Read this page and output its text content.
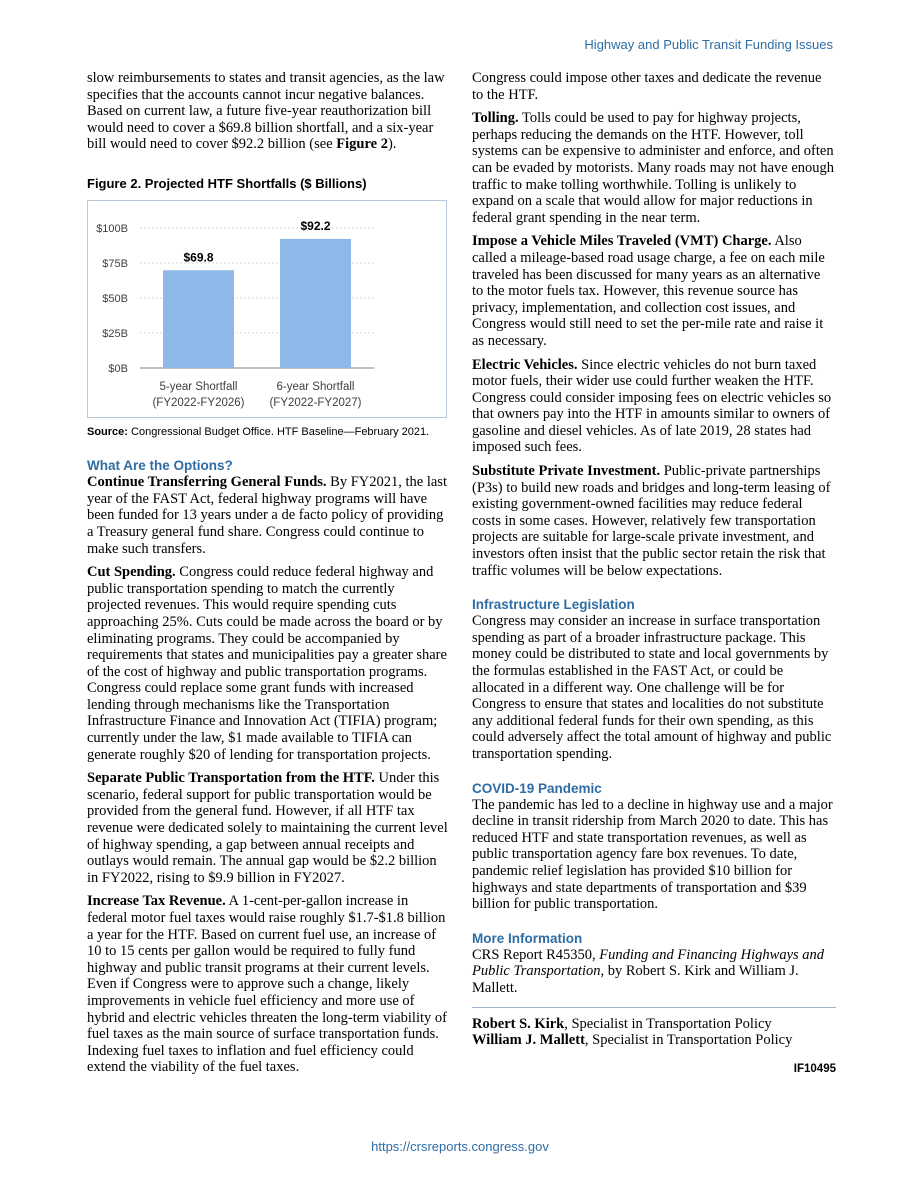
Highway and Public Transit Funding Issues

slow reimbursements to states and transit agencies, as the law specifies that the accounts cannot incur negative balances. Based on current law, a future five-year reauthorization bill would need to cover a $69.8 billion shortfall, and a six-year bill would need to cover $92.2 billion (see Figure 2).

Figure 2. Projected HTF Shortfalls ($ Billions)
$0B
$25B
$50B
$75B
$100B
$69.8
5-year Shortfall
(FY2022-FY2026)
$92.2
6-year Shortfall
(FY2022-FY2027)
Source: Congressional Budget Office. HTF Baseline—February 2021.
What Are the Options?

Continue Transferring General Funds. By FY2021, the last year of the FAST Act, federal highway programs will have been funded for 13 years under a de facto policy of providing a Treasury general fund share. Congress could continue to make such transfers.

Cut Spending. Congress could reduce federal highway and public transportation spending to match the currently projected revenues. This would require spending cuts approaching 25%. Cuts could be made across the board or by eliminating programs. They could be accompanied by requirements that states and municipalities pay a greater share of the cost of highway and public transportation programs. Congress could replace some grant funds with increased lending through mechanisms like the Transportation Infrastructure Finance and Innovation Act (TIFIA) program; currently under the law, $1 made available to TIFIA can generate roughly $20 of lending for transportation projects.

Separate Public Transportation from the HTF. Under this scenario, federal support for public transportation would be provided from the general fund. However, if all HTF tax revenue were dedicated solely to maintaining the current level of highway spending, a gap between annual receipts and outlays would remain. The annual gap would be $2.2 billion in FY2022, rising to $9.9 billion in FY2027.

Increase Tax Revenue. A 1-cent-per-gallon increase in federal motor fuel taxes would raise roughly $1.7-$1.8 billion a year for the HTF. Based on current fuel use, an increase of 10 to 15 cents per gallon would be required to fully fund highway and public transit programs at their current levels. Even if Congress were to approve such a change, likely improvements in vehicle fuel efficiency and more use of hybrid and electric vehicles threaten the long-term viability of fuel taxes as the main source of surface transportation funds. Indexing fuel taxes to inflation and fuel efficiency could extend the viability of the fuel taxes.

Congress could impose other taxes and dedicate the revenue to the HTF.

Tolling. Tolls could be used to pay for highway projects, perhaps reducing the demands on the HTF. However, toll systems can be expensive to administer and enforce, and often can be evaded by motorists. Many roads may not have enough traffic to make tolling worthwhile. Tolling is unlikely to expand on a scale that would allow for major reductions in federal grant spending in the near term.

Impose a Vehicle Miles Traveled (VMT) Charge. Also called a mileage-based road usage charge, a fee on each mile traveled has been discussed for many years as an alternative to the motor fuels tax. However, this revenue source has privacy, implementation, and collection cost issues, and Congress would still need to set the per-mile rate and raise it as necessary.

Electric Vehicles. Since electric vehicles do not burn taxed motor fuels, their wider use could further weaken the HTF. Congress could consider imposing fees on electric vehicles so that owners pay into the HTF in amounts similar to owners of gasoline and diesel vehicles. As of late 2019, 28 states had imposed such fees.

Substitute Private Investment. Public-private partnerships (P3s) to build new roads and bridges and long-term leasing of existing government-owned facilities may reduce federal costs in some cases. However, relatively few transportation projects are suitable for large-scale private investment, and investors often insist that the public sector retain the risk that traffic volumes will be below expectations.

Infrastructure Legislation

Congress may consider an increase in surface transportation spending as part of a broader infrastructure package. This money could be distributed to state and local governments by the formulas established in the FAST Act, or could be allocated in a different way. One challenge will be for Congress to ensure that states and localities do not substitute any additional federal funds for their own spending, as this could adversely affect the total amount of highway and public transportation spending.

COVID-19 Pandemic

The pandemic has led to a decline in highway use and a major decline in transit ridership from March 2020 to date. This has reduced HTF and state transportation revenues, as well as public transportation agency fare box revenues. To date, pandemic relief legislation has provided $10 billion for highways and state departments of transportation and $39 billion for public transportation.

More Information

CRS Report R45350, Funding and Financing Highways and Public Transportation, by Robert S. Kirk and William J. Mallett.

Robert S. Kirk, Specialist in Transportation Policy

William J. Mallett, Specialist in Transportation Policy

IF10495
https://crsreports.congress.gov
